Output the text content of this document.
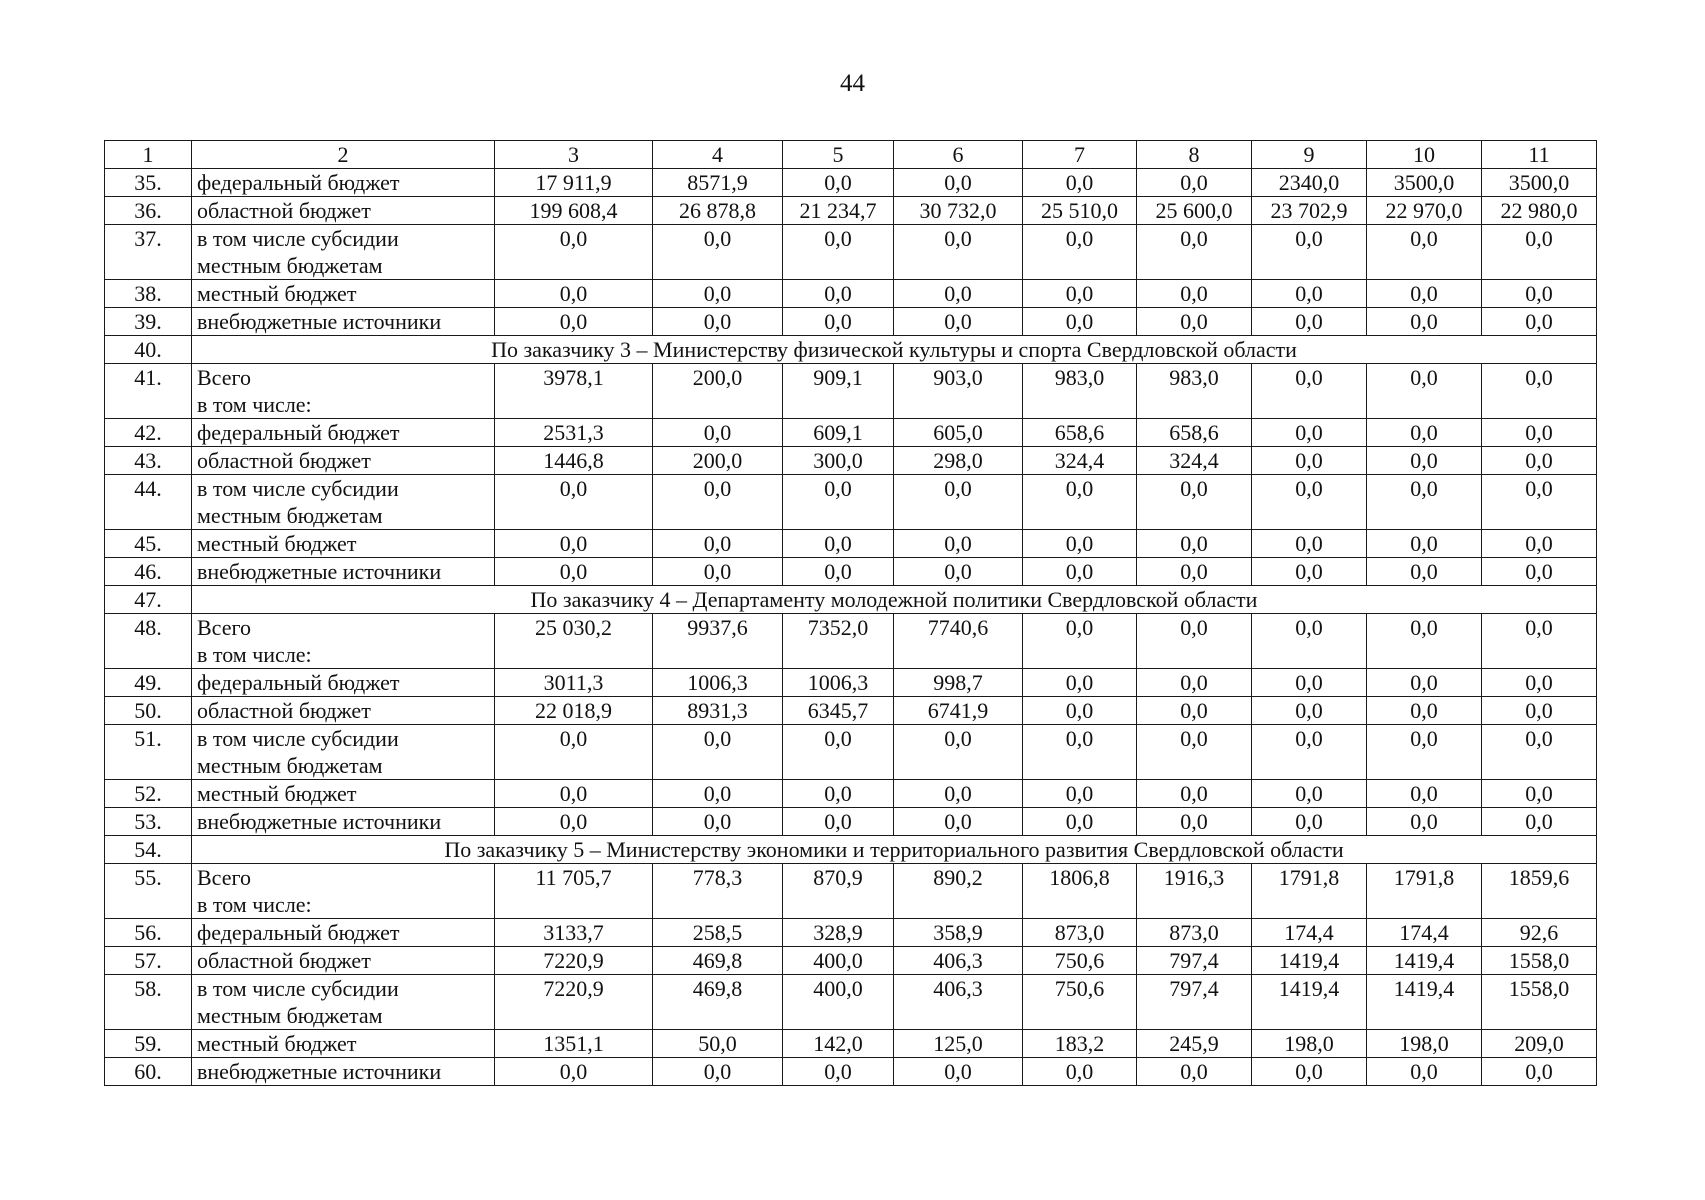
44
1	2	3	4	5	6	7	8	9	10	11
35.	федеральный бюджет	17 911,9	8571,9	0,0	0,0	0,0	0,0	2340,0	3500,0	3500,0
36.	областной бюджет	199 608,4	26 878,8	21 234,7	30 732,0	25 510,0	25 600,0	23 702,9	22 970,0	22 980,0
37.	в том числе субсидии
местным бюджетам	0,0	0,0	0,0	0,0	0,0	0,0	0,0	0,0	0,0
38.	местный бюджет	0,0	0,0	0,0	0,0	0,0	0,0	0,0	0,0	0,0
39.	внебюджетные источники	0,0	0,0	0,0	0,0	0,0	0,0	0,0	0,0	0,0
40.	По заказчику 3 – Министерству физической культуры и спорта Свердловской области									
41.	Всего
в том числе:	3978,1	200,0	909,1	903,0	983,0	983,0	0,0	0,0	0,0
42.	федеральный бюджет	2531,3	0,0	609,1	605,0	658,6	658,6	0,0	0,0	0,0
43.	областной бюджет	1446,8	200,0	300,0	298,0	324,4	324,4	0,0	0,0	0,0
44.	в том числе субсидии
местным бюджетам	0,0	0,0	0,0	0,0	0,0	0,0	0,0	0,0	0,0
45.	местный бюджет	0,0	0,0	0,0	0,0	0,0	0,0	0,0	0,0	0,0
46.	внебюджетные источники	0,0	0,0	0,0	0,0	0,0	0,0	0,0	0,0	0,0
47.	По заказчику 4 – Департаменту молодежной политики Свердловской области									
48.	Всего
в том числе:	25 030,2	9937,6	7352,0	7740,6	0,0	0,0	0,0	0,0	0,0
49.	федеральный бюджет	3011,3	1006,3	1006,3	998,7	0,0	0,0	0,0	0,0	0,0
50.	областной бюджет	22 018,9	8931,3	6345,7	6741,9	0,0	0,0	0,0	0,0	0,0
51.	в том числе субсидии
местным бюджетам	0,0	0,0	0,0	0,0	0,0	0,0	0,0	0,0	0,0
52.	местный бюджет	0,0	0,0	0,0	0,0	0,0	0,0	0,0	0,0	0,0
53.	внебюджетные источники	0,0	0,0	0,0	0,0	0,0	0,0	0,0	0,0	0,0
54.	По заказчику 5 – Министерству экономики и территориального развития Свердловской области									
55.	Всего
в том числе:	11 705,7	778,3	870,9	890,2	1806,8	1916,3	1791,8	1791,8	1859,6
56.	федеральный бюджет	3133,7	258,5	328,9	358,9	873,0	873,0	174,4	174,4	92,6
57.	областной бюджет	7220,9	469,8	400,0	406,3	750,6	797,4	1419,4	1419,4	1558,0
58.	в том числе субсидии
местным бюджетам	7220,9	469,8	400,0	406,3	750,6	797,4	1419,4	1419,4	1558,0
59.	местный бюджет	1351,1	50,0	142,0	125,0	183,2	245,9	198,0	198,0	209,0
60.	внебюджетные источники	0,0	0,0	0,0	0,0	0,0	0,0	0,0	0,0	0,0
